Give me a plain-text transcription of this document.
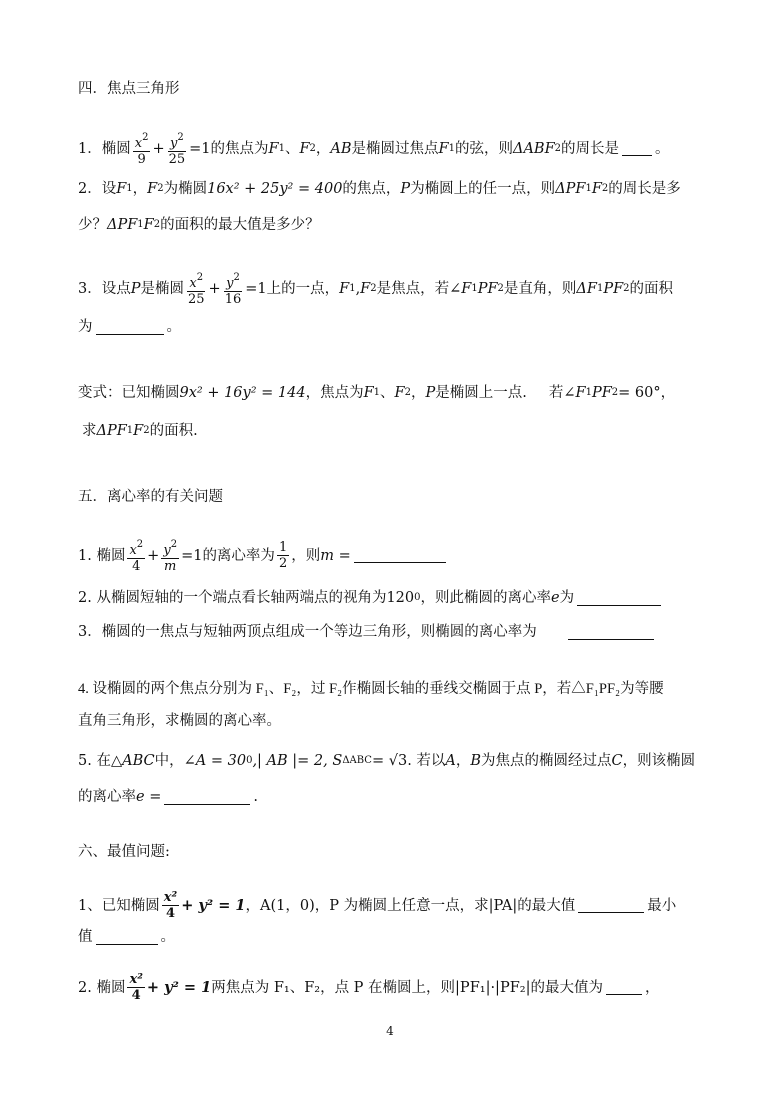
四．焦点三角形
1．椭圆 $\frac{x^2}{9} + \frac{y^2}{25} =1$ 的焦点为 F 1 、 F 2 ， AB 是椭圆过焦点 F 1 的弦，则 ΔABF 2 的周长是 。
2．设 F 1 ， F 2 为椭圆 16x² + 25y² = 400 的焦点， P 为椭圆上的任一点，则 ΔPF 1 F 2 的周长是多
少？ ΔPF 1 F 2 的面积的最大值是多少？
3．设点 P 是椭圆 $\frac{x^2}{25} + \frac{y^2}{16} =1$ 上的一点， F 1 , F 2 是焦点，若 ∠F 1 PF 2 是直角，则 ΔF 1 PF 2 的面积
为	。
变式：已知椭圆 9x² + 16y² = 144 ，焦点为 F 1 、 F 2 ， P 是椭圆上一点. 若 ∠F 1 PF 2 = 60° ，
求 ΔPF 1 F 2 的面积.
五．离心率的有关问题
1. 椭圆 $\frac{x^2}{4} + \frac{y^2}{m} =1$ 的离心率为 $\frac{1}{2}$ ，则 m =
2. 从椭圆短轴的一个端点看长轴两端点的视角为 120 0 ，则此椭圆的离心率 e 为
3．椭圆的一焦点与短轴两顶点组成一个等边三角形，则椭圆的离心率为
4. 设椭圆的两个焦点分别为 F₁、F₂，过 F₂作椭圆长轴的垂线交椭圆于点 P，若△F₁PF₂为等腰
直角三角形，求椭圆的离心率。
5. 在△ ABC 中， ∠A = 30 0 ,| AB |= 2, S ΔABC = √3 . 若以 A ， B 为焦点的椭圆经过点 C ，则该椭圆
的离心率 e =	.
六、最值问题:
1、已知椭圆 $\frac{\text{x²}}{4} + y^2 = 1$ ，A(1，0)，P 为椭圆上任意一点，求|PA|的最大值	最小
值	。
2. 椭圆 $\frac{\text{x²}}{4} + y^2 = 1$ 两焦点为 F₁、F₂，点 P 在椭圆上，则|PF₁|·|PF₂|的最大值为	，
4
